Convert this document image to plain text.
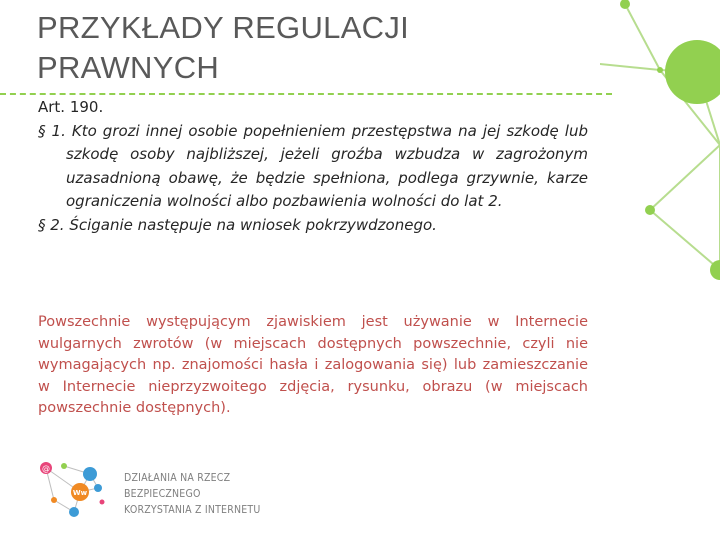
PRZYKŁADY REGULACJI
PRAWNYCH

Art. 190.

§ 1. Kto grozi innej osobie popełnieniem przestępstwa na jej szkodę lub szkodę osoby najbliższej, jeżeli groźba wzbudza w zagrożonym uzasadnioną obawę, że będzie spełniona, podlega grzywnie, karze ograniczenia wolności albo pozbawienia wolności do lat 2.

§ 2. Ściganie następuje na wniosek pokrzywdzonego.

Powszechnie występującym zjawiskiem jest używanie w Internecie wulgarnych zwrotów (w miejscach dostępnych powszechnie, czyli nie wymagających np. znajomości hasła i zalogowania się) lub zamieszczanie w Internecie nieprzyzwoitego zdjęcia, rysunku, obrazu (w miejscach powszechnie dostępnych).

@
Ww
DZIAŁANIA NA RZECZ BEZPIECZNEGO
KORZYSTANIA Z INTERNETU
